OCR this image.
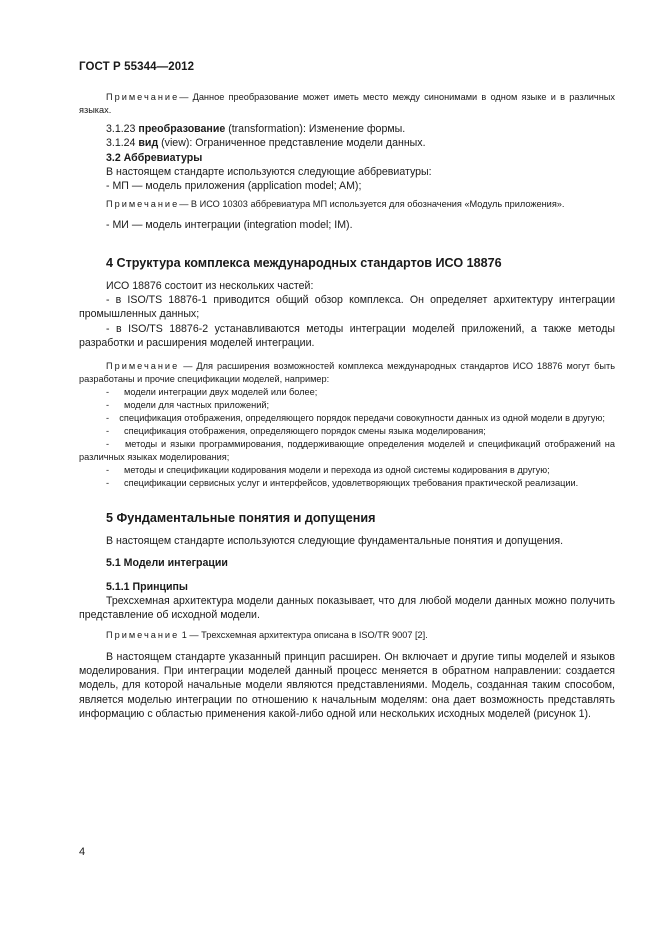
ГОСТ Р 55344—2012

Примечание— Данное преобразование может иметь место между синонимами в одном языке и в различных языках.

3.1.23 преобразование (transformation): Изменение формы.

3.1.24 вид (view): Ограниченное представление модели данных.

3.2 Аббревиатуры

В настоящем стандарте используются следующие аббревиатуры:

- МП — модель приложения (application model; AM);

Примечание— В ИСО 10303 аббревиатура МП используется для обозначения «Модуль приложения».

- МИ — модель интеграции (integration model; IM).

4 Структура комплекса международных стандартов ИСО 18876

ИСО 18876 состоит из нескольких частей:

- в ISO/TS 18876-1 приводится общий обзор комплекса. Он определяет архитектуру интеграции промышленных данных;

- в ISO/TS 18876-2 устанавливаются методы интеграции моделей приложений, а также методы разработки и расширения моделей интеграции.

Примечание — Для расширения возможностей комплекса международных стандартов ИСО 18876 могут быть разработаны и прочие спецификации моделей, например:

-	модели интеграции двух моделей или более;
-	модели для частных приложений;
-    спецификация отображения, определяющего порядок передачи совокупности данных из одной модели в другую;
-	спецификация отображения, определяющего порядок смены языка моделирования;
-    методы и языки программирования, поддерживающие определения моделей и спецификаций отображений на различных языках моделирования;
-	методы и спецификации кодирования модели и перехода из одной системы кодирования в другую;
-	спецификации сервисных услуг и интерфейсов, удовлетворяющих требования практической реализации.

5 Фундаментальные понятия и допущения

В настоящем стандарте используются следующие фундаментальные понятия и допущения.

5.1 Модели интеграции

5.1.1 Принципы

Трехсхемная архитектура модели данных показывает, что для любой модели данных можно получить представление об исходной модели.

Примечание 1 — Трехсхемная архитектура описана в ISO/TR 9007 [2].

В настоящем стандарте указанный принцип расширен. Он включает и другие типы моделей и языков моделирования. При интеграции моделей данный процесс меняется в обратном направлении: создается модель, для которой начальные модели являются представлениями. Модель, созданная таким способом, является моделью интеграции по отношению к начальным моделям: она дает возможность представлять информацию с областью применения какой-либо одной или нескольких исходных моделей (рисунок 1).

4
